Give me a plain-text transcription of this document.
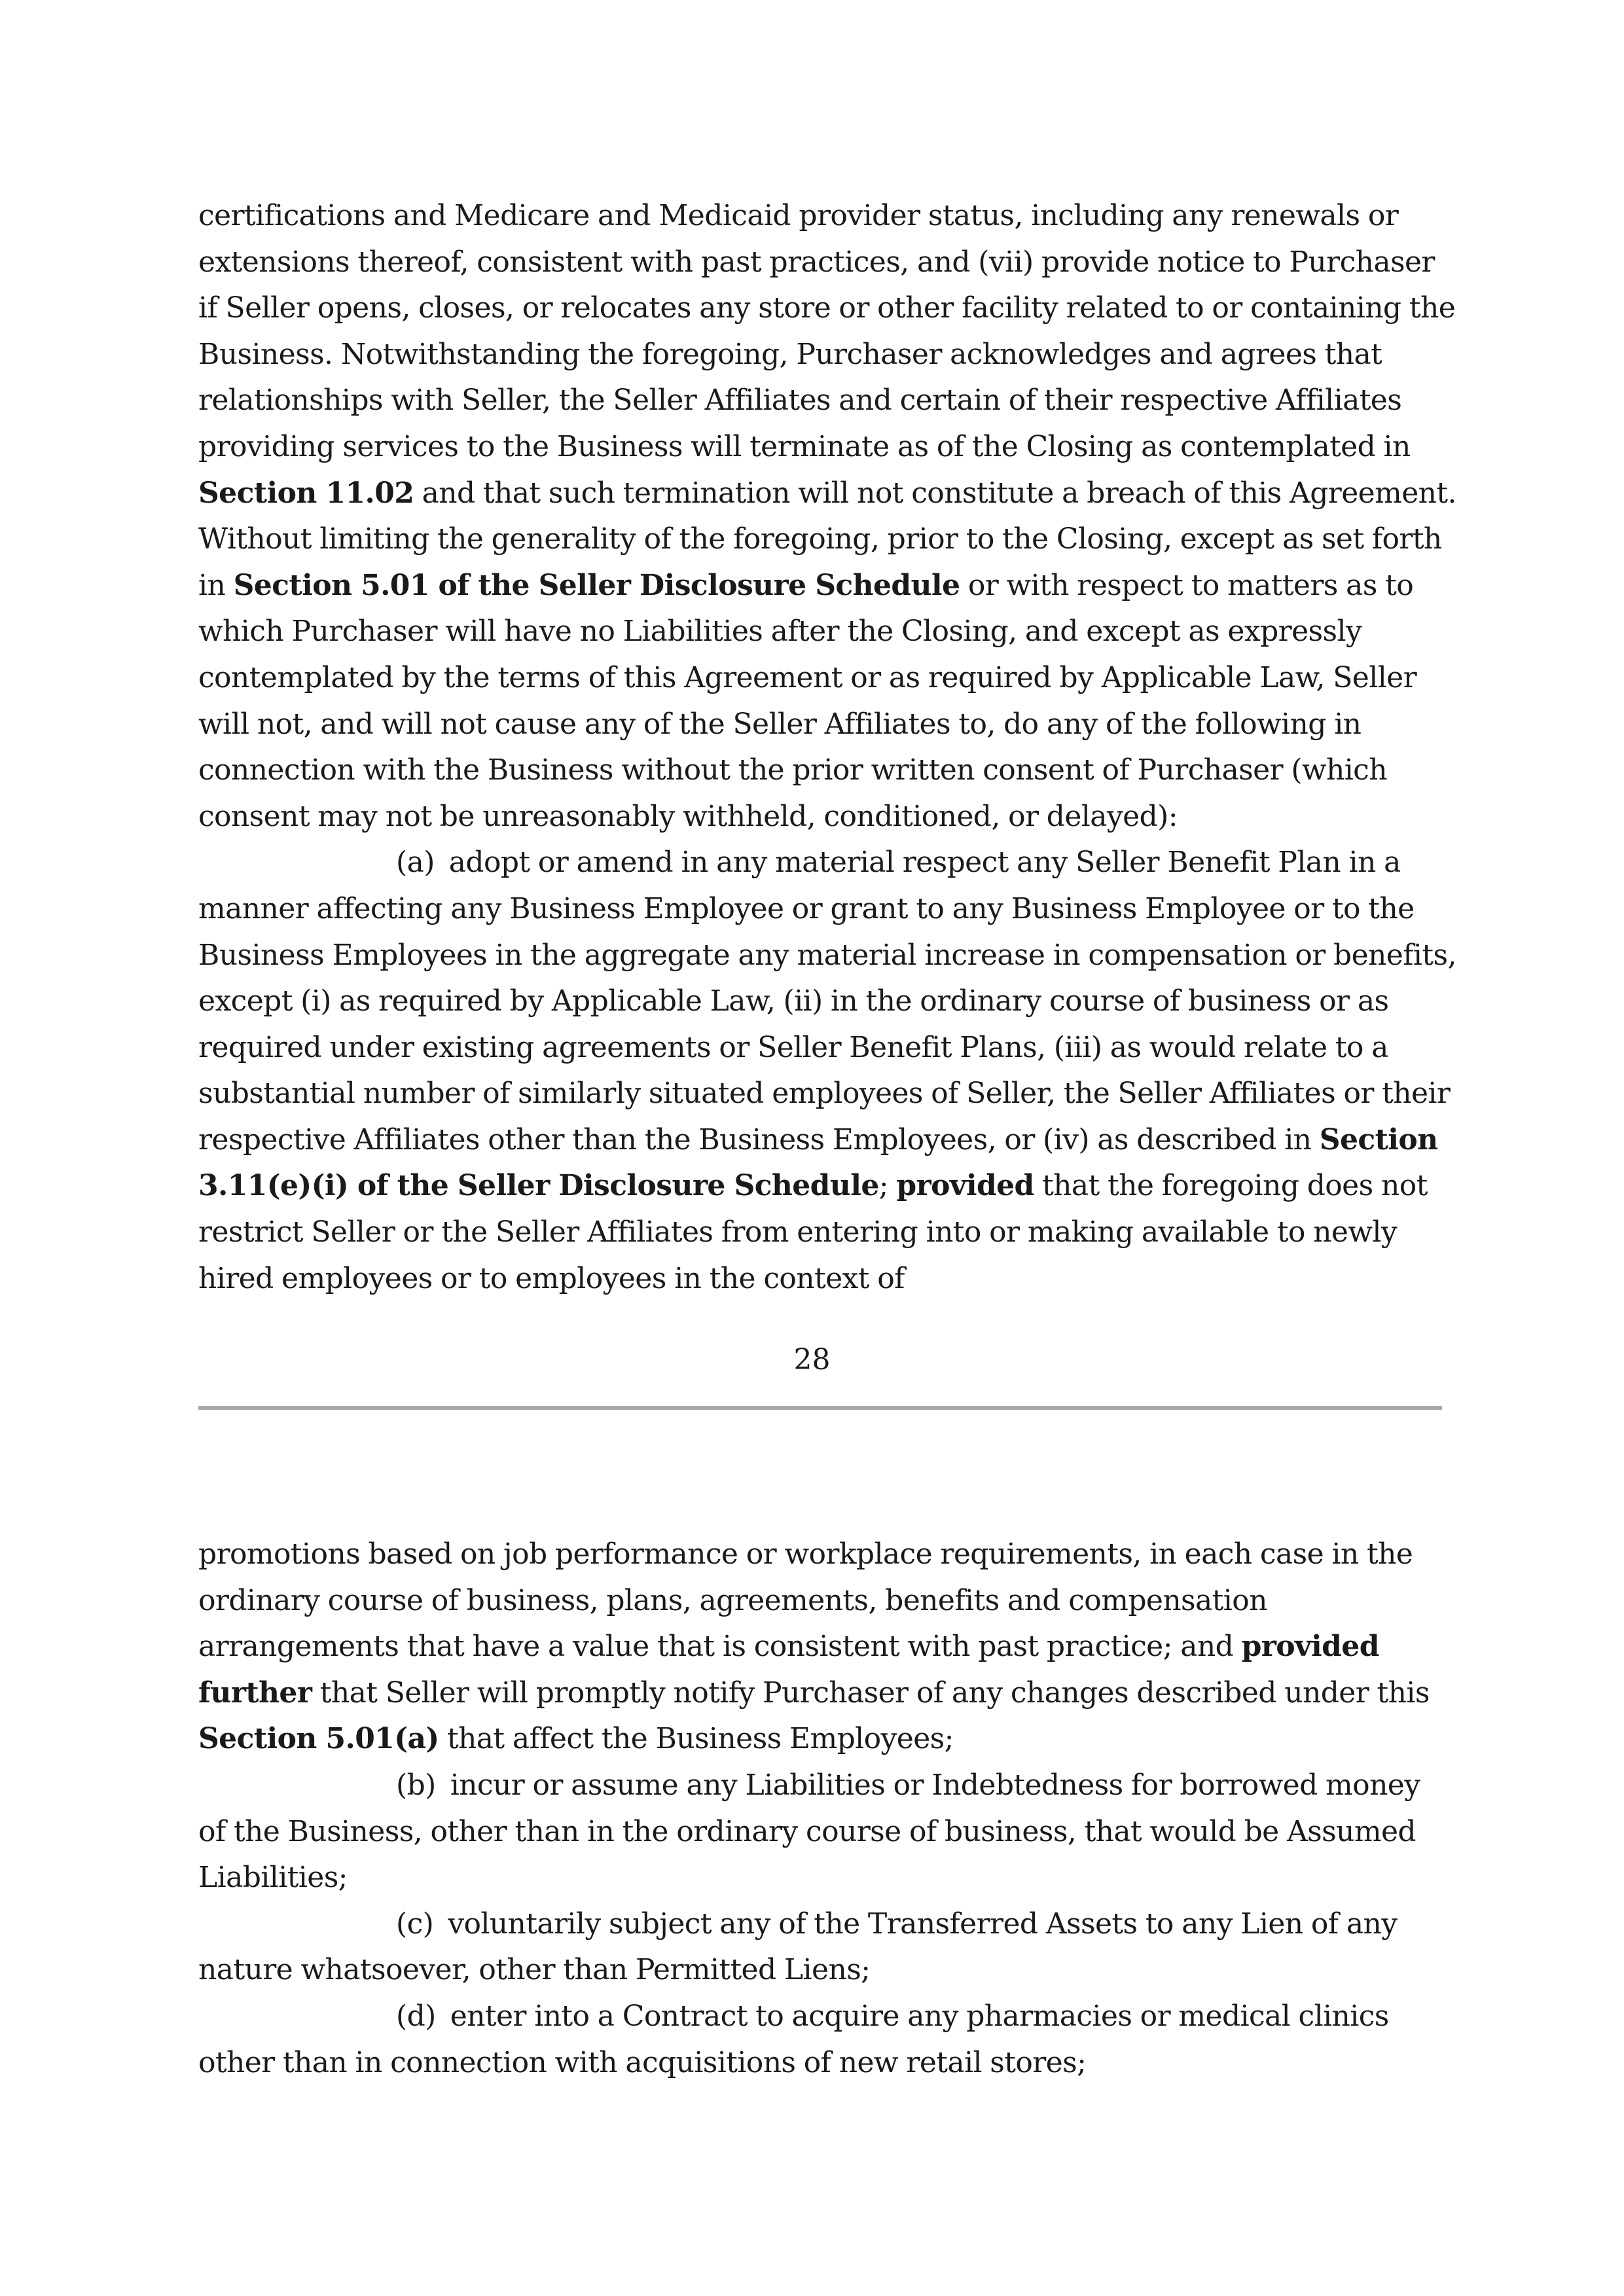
certifications and Medicare and Medicaid provider status, including any renewals or
extensions thereof, consistent with past practices, and (vii) provide notice to Purchaser
if Seller opens, closes, or relocates any store or other facility related to or containing the
Business. Notwithstanding the foregoing, Purchaser acknowledges and agrees that
relationships with Seller, the Seller Affiliates and certain of their respective Affiliates
providing services to the Business will terminate as of the Closing as contemplated in
Section 11.02 and that such termination will not constitute a breach of this Agreement.
Without limiting the generality of the foregoing, prior to the Closing, except as set forth
in Section 5.01 of the Seller Disclosure Schedule or with respect to matters as to
which Purchaser will have no Liabilities after the Closing, and except as expressly
contemplated by the terms of this Agreement or as required by Applicable Law, Seller
will not, and will not cause any of the Seller Affiliates to, do any of the following in
connection with the Business without the prior written consent of Purchaser (which
consent may not be unreasonably withheld, conditioned, or delayed):
(a) adopt or amend in any material respect any Seller Benefit Plan in a
manner affecting any Business Employee or grant to any Business Employee or to the
Business Employees in the aggregate any material increase in compensation or benefits,
except (i) as required by Applicable Law, (ii) in the ordinary course of business or as
required under existing agreements or Seller Benefit Plans, (iii) as would relate to a
substantial number of similarly situated employees of Seller, the Seller Affiliates or their
respective Affiliates other than the Business Employees, or (iv) as described in Section
3.11(e)(i) of the Seller Disclosure Schedule; provided that the foregoing does not
restrict Seller or the Seller Affiliates from entering into or making available to newly
hired employees or to employees in the context of
28
promotions based on job performance or workplace requirements, in each case in the
ordinary course of business, plans, agreements, benefits and compensation
arrangements that have a value that is consistent with past practice; and provided
further that Seller will promptly notify Purchaser of any changes described under this
Section 5.01(a) that affect the Business Employees;
(b) incur or assume any Liabilities or Indebtedness for borrowed money
of the Business, other than in the ordinary course of business, that would be Assumed
Liabilities;
(c) voluntarily subject any of the Transferred Assets to any Lien of any
nature whatsoever, other than Permitted Liens;
(d) enter into a Contract to acquire any pharmacies or medical clinics
other than in connection with acquisitions of new retail stores;
